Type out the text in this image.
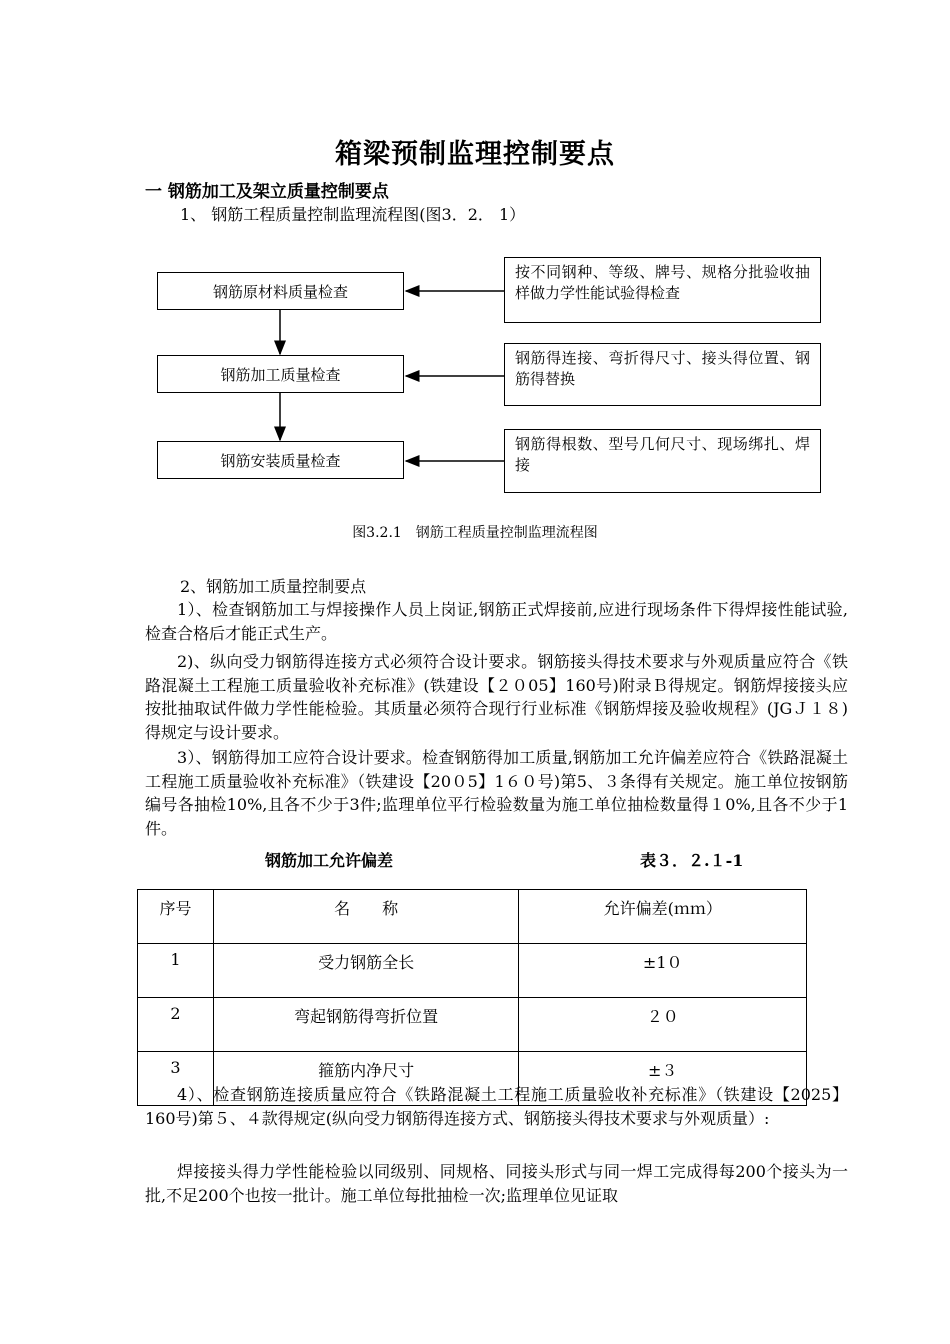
箱梁预制监理控制要点
一 钢筋加工及架立质量控制要点
1、 钢筋工程质量控制监理流程图(图3．2． 1）
钢筋原材料质量检查
钢筋加工质量检查
钢筋安装质量检查
按不同钢种、等级、牌号、规格分批验收抽样做力学性能试验得检查
钢筋得连接、弯折得尺寸、接头得位置、钢筋得替换
钢筋得根数、型号几何尺寸、现场绑扎、焊接
图3.2.1　钢筋工程质量控制监理流程图
2、钢筋加工质量控制要点
1）、检查钢筋加工与焊接操作人员上岗证,钢筋正式焊接前,应进行现场条件下得焊接性能试验,检查合格后才能正式生产。
2)、纵向受力钢筋得连接方式必须符合设计要求。钢筋接头得技术要求与外观质量应符合《铁路混凝土工程施工质量验收补充标准》(铁建设【２０05】160号)附录Ｂ得规定。钢筋焊接接头应按批抽取试件做力学性能检验。其质量必须符合现行行业标准《钢筋焊接及验收规程》(JGＪ１８)得规定与设计要求。
3）、钢筋得加工应符合设计要求。检查钢筋得加工质量,钢筋加工允许偏差应符合《铁路混凝土工程施工质量验收补充标准》（铁建设【20０5】1６０号)第5、３条得有关规定。施工单位按钢筋编号各抽检10%,且各不少于3件;监理单位平行检验数量为施工单位抽检数量得１0%,且各不少于1件。
钢筋加工允许偏差	表３．２.１-1
序号	名　　称	允许偏差(ｍｍ）
1	受力钢筋全长	±1０
2	弯起钢筋得弯折位置	２０
3	箍筋内净尺寸	±３
4）、检查钢筋连接质量应符合《铁路混凝土工程施工质量验收补充标准》（铁建设【2025】160号)第５、４款得规定(纵向受力钢筋得连接方式、钢筋接头得技术要求与外观质量）:
焊接接头得力学性能检验以同级别、同规格、同接头形式与同一焊工完成得每200个接头为一批,不足200个也按一批计。施工单位每批抽检一次;监理单位见证取
